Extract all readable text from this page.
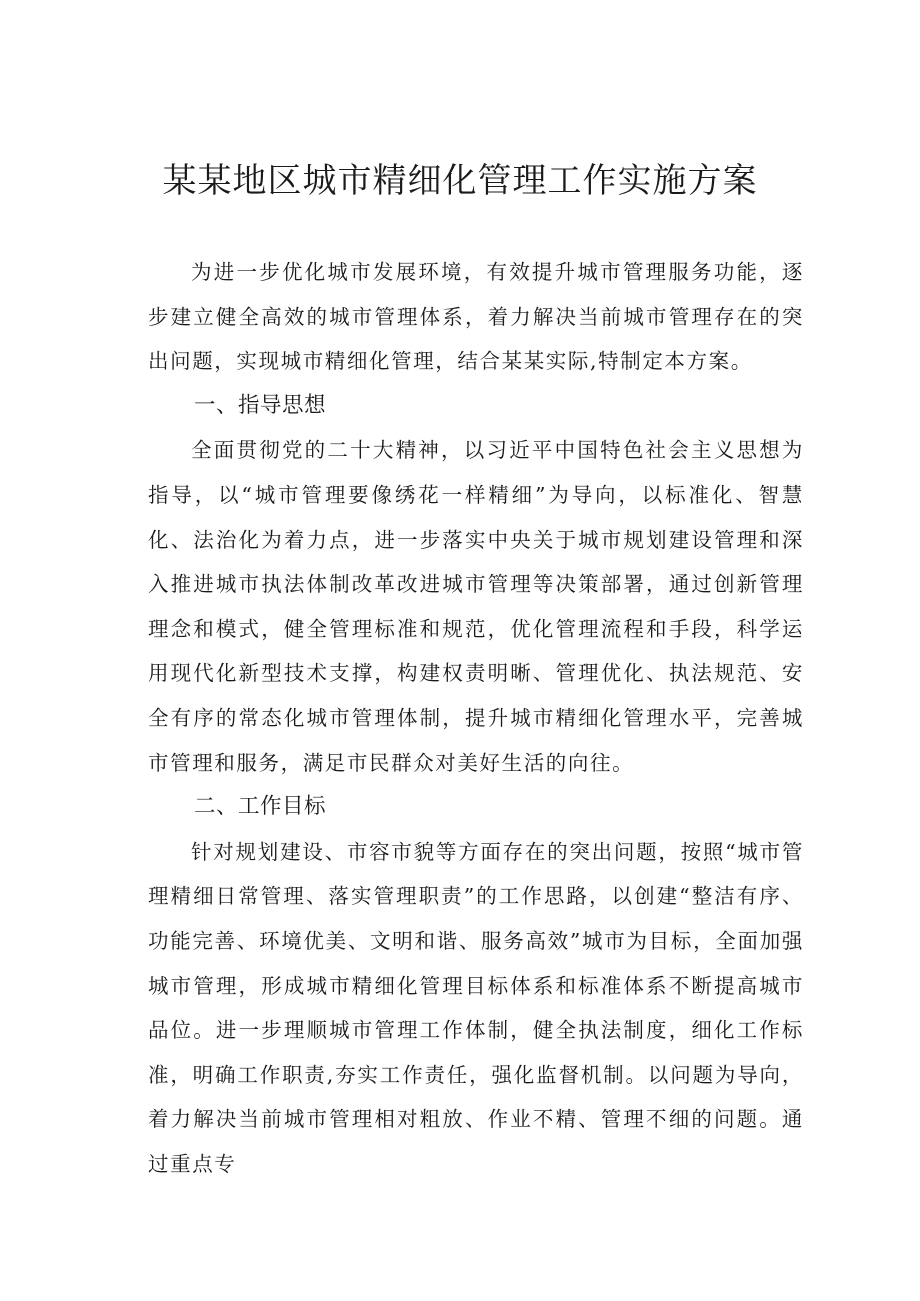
某某地区城市精细化管理工作实施方案

为进一步优化城市发展环境，有效提升城市管理服务功能，逐步建立健全高效的城市管理体系，着力解决当前城市管理存在的突出问题，实现城市精细化管理，结合某某实际,特制定本方案。

一、指导思想

全面贯彻党的二十大精神，以习近平中国特色社会主义思想为指导，以“城市管理要像绣花一样精细”为导向，以标准化、智慧化、法治化为着力点，进一步落实中央关于城市规划建设管理和深入推进城市执法体制改革改进城市管理等决策部署，通过创新管理理念和模式，健全管理标准和规范，优化管理流程和手段，科学运用现代化新型技术支撑，构建权责明晰、管理优化、执法规范、安全有序的常态化城市管理体制，提升城市精细化管理水平，完善城市管理和服务，满足市民群众对美好生活的向往。

二、工作目标

针对规划建设、市容市貌等方面存在的突出问题，按照“城市管理精细日常管理、落实管理职责”的工作思路，以创建“整洁有序、功能完善、环境优美、文明和谐、服务高效”城市为目标，全面加强城市管理，形成城市精细化管理目标体系和标准体系不断提高城市品位。进一步理顺城市管理工作体制，健全执法制度，细化工作标准，明确工作职责,夯实工作责任，强化监督机制。以问题为导向，着力解决当前城市管理相对粗放、作业不精、管理不细的问题。通过重点专
